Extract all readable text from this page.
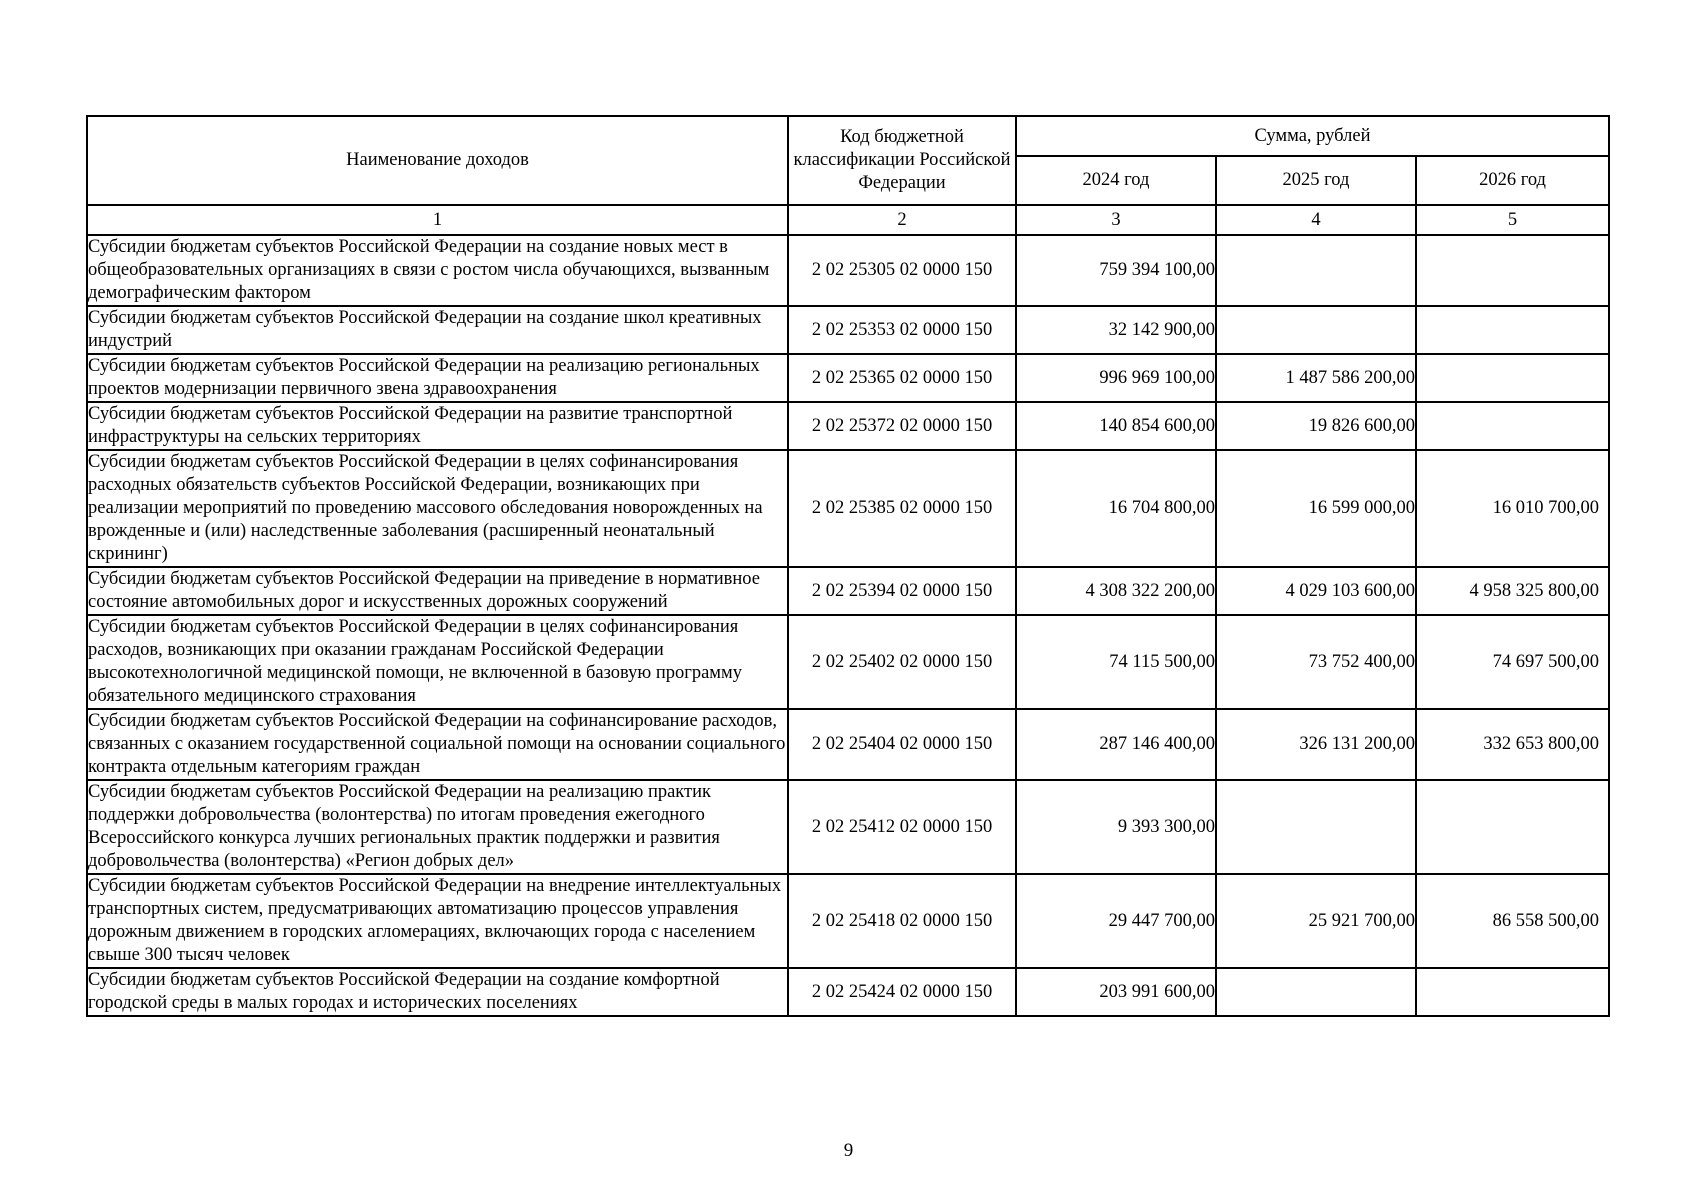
Наименование доходов	Код бюджетной классификации Российской Федерации	Сумма, рублей		
		2024 год	2025 год	2026 год
1	2	3	4	5
Субсидии бюджетам субъектов Российской Федерации на создание новых мест в общеобразовательных организациях в связи с ростом числа обучающихся, вызванным демографическим фактором	2 02 25305 02 0000 150	759 394 100,00		
Субсидии бюджетам субъектов Российской Федерации на создание школ креативных индустрий	2 02 25353 02 0000 150	32 142 900,00		
Субсидии бюджетам субъектов Российской Федерации на реализацию региональных проектов модернизации первичного звена здравоохранения	2 02 25365 02 0000 150	996 969 100,00	1 487 586 200,00	
Субсидии бюджетам субъектов Российской Федерации на развитие транспортной инфраструктуры на сельских территориях	2 02 25372 02 0000 150	140 854 600,00	19 826 600,00	
Субсидии бюджетам субъектов Российской Федерации в целях софинансирования расходных обязательств субъектов Российской Федерации, возникающих при реализации мероприятий по проведению массового обследования новорожденных на врожденные и (или) наследственные заболевания (расширенный неонатальный скрининг)	2 02 25385 02 0000 150	16 704 800,00	16 599 000,00	16 010 700,00
Субсидии бюджетам субъектов Российской Федерации на приведение в нормативное состояние автомобильных дорог и искусственных дорожных сооружений	2 02 25394 02 0000 150	4 308 322 200,00	4 029 103 600,00	4 958 325 800,00
Субсидии бюджетам субъектов Российской Федерации в целях софинансирования расходов, возникающих при оказании гражданам Российской Федерации высокотехнологичной медицинской помощи, не включенной в базовую программу обязательного медицинского страхования	2 02 25402 02 0000 150	74 115 500,00	73 752 400,00	74 697 500,00
Субсидии бюджетам субъектов Российской Федерации на софинансирование расходов, связанных с оказанием государственной социальной помощи на основании социального контракта отдельным категориям граждан	2 02 25404 02 0000 150	287 146 400,00	326 131 200,00	332 653 800,00
Субсидии бюджетам субъектов Российской Федерации на реализацию практик поддержки добровольчества (волонтерства) по итогам проведения ежегодного Всероссийского конкурса лучших региональных практик поддержки и развития добровольчества (волонтерства) «Регион добрых дел»	2 02 25412 02 0000 150	9 393 300,00		
Субсидии бюджетам субъектов Российской Федерации на внедрение интеллектуальных транспортных систем, предусматривающих автоматизацию процессов управления дорожным движением в городских агломерациях, включающих города с населением свыше 300 тысяч человек	2 02 25418 02 0000 150	29 447 700,00	25 921 700,00	86 558 500,00
Субсидии бюджетам субъектов Российской Федерации на создание комфортной городской среды в малых городах и исторических поселениях	2 02 25424 02 0000 150	203 991 600,00		
9
